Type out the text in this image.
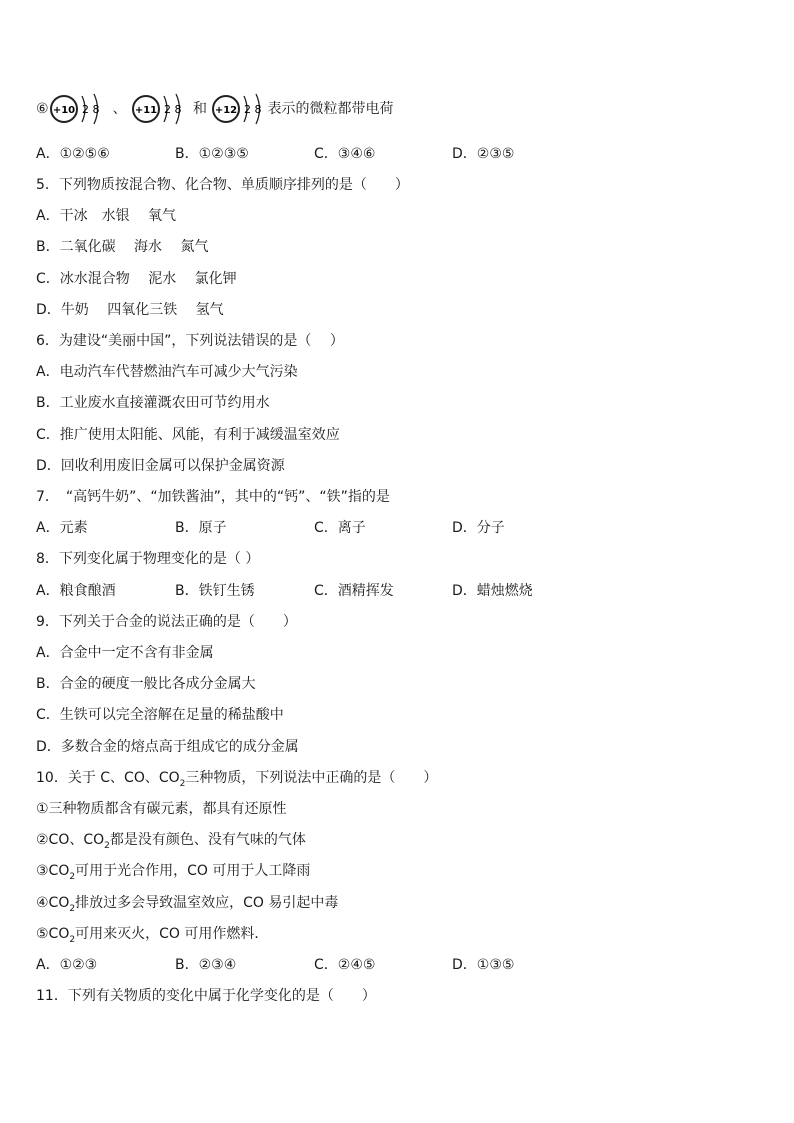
⑥ +10 2 8 、 +11 2 8 和 +12 2 8 表示的微粒都带电荷
A．①②⑤⑥	B．①②③⑤	C．③④⑥	D．②③⑤
5．下列物质按混合物、化合物、单质顺序排列的是（　　）
A．干冰　水银　 氧气
B．二氧化碳　 海水　 氮气
C．冰水混合物　 泥水　 氯化钾
D．牛奶　 四氧化三铁　 氢气
6．为建设“美丽中国”，下列说法错误的是（　 ）
A．电动汽车代替燃油汽车可减少大气污染
B．工业废水直接灌溉农田可节约用水
C．推广使用太阳能、风能，有利于减缓温室效应
D．回收利用废旧金属可以保护金属资源
7．　“高钙牛奶”、“加铁酱油”，其中的“钙”、“铁”指的是
A．元素	B．原子	C．离子	D．分子
8．下列变化属于物理变化的是（ ）
A．粮食酿酒	B．铁钉生锈	C．酒精挥发	D．蜡烛燃烧
9．下列关于合金的说法正确的是（　　）
A．合金中一定不含有非金属
B．合金的硬度一般比各成分金属大
C．生铁可以完全溶解在足量的稀盐酸中
D．多数合金的熔点高于组成它的成分金属
10．关于 C、CO、$CO_2$三种物质，下列说法中正确的是（　　）
①三种物质都含有碳元素，都具有还原性
②CO、$CO_2$都是没有颜色、没有气味的气体
$③CO_2$可用于光合作用，CO 可用于人工降雨
$④CO_2$排放过多会导致温室效应，CO 易引起中毒
$⑤CO_2$可用来灭火，CO 可用作燃料．
A．①②③	B．②③④	C．②④⑤	D．①③⑤
11．下列有关物质的变化中属于化学变化的是（　　）
